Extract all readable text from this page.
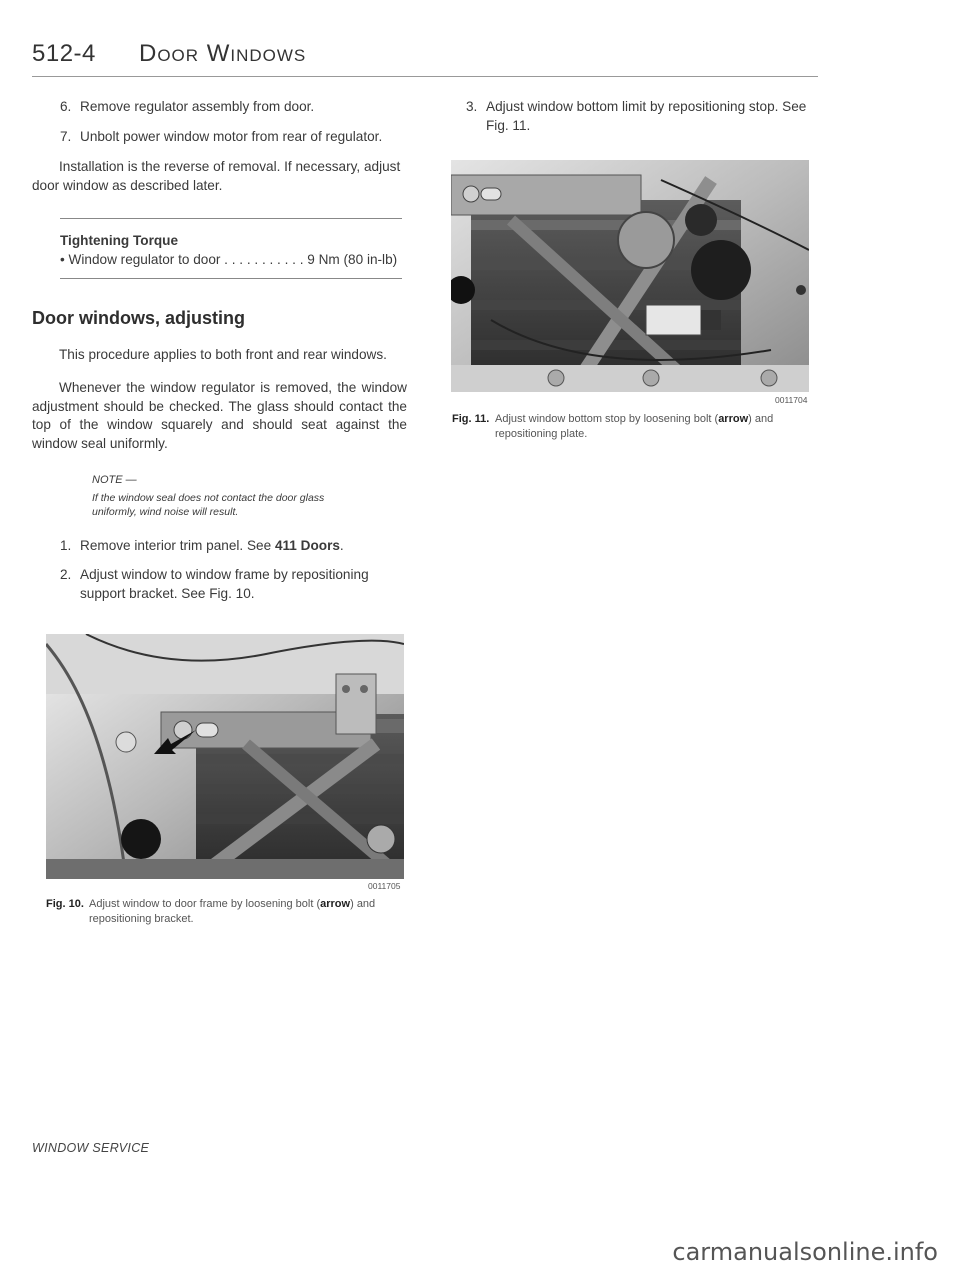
512-4 Door Windows
6. Remove regulator assembly from door.
7. Unbolt power window motor from rear of regulator.

Installation is the reverse of removal. If necessary, adjust door window as described later.

Tightening Torque
• Window regulator to door . . . . . . . . . . . 9 Nm (80 in-lb)
Door windows, adjusting

This procedure applies to both front and rear windows.

Whenever the window regulator is removed, the window adjustment should be checked. The glass should contact the top of the window squarely and should seat against the window seal uniformly.

NOTE —
If the window seal does not contact the door glass uniformly, wind noise will result.
1. Remove interior trim panel. See 411 Doors.
2. Adjust window to window frame by repositioning support bracket. See Fig. 10.
0011705
Fig. 10. Adjust window to door frame by loosening bolt (arrow) and repositioning bracket.
3. Adjust window bottom limit by repositioning stop. See Fig. 11.
0011704
Fig. 11. Adjust window bottom stop by loosening bolt (arrow) and repositioning plate.
WINDOW SERVICE
carmanualsonline.info
